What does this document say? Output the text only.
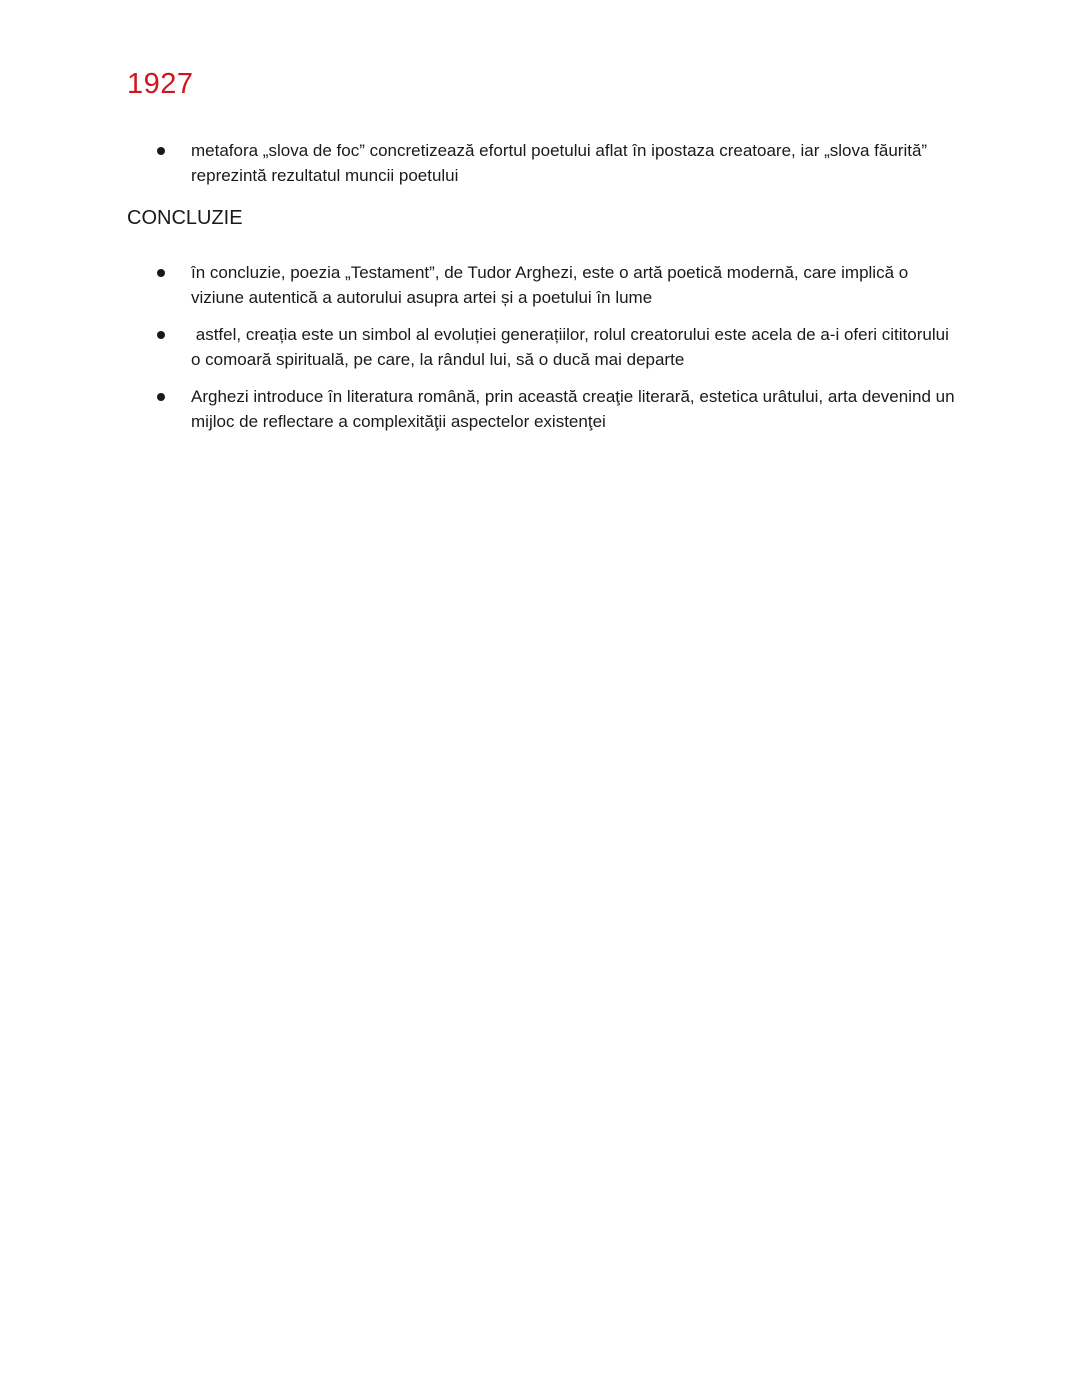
1927
metafora „slova de foc” concretizează efortul poetului aflat în ipostaza creatoare, iar „slova făurită” reprezintă rezultatul muncii poetului
CONCLUZIE
în concluzie, poezia „Testament”, de Tudor Arghezi, este o artă poetică modernă, care implică o viziune autentică a autorului asupra artei și a poetului în lume
astfel, creația este un simbol al evoluției generațiilor, rolul creatorului este acela de a-i oferi cititorului o comoară spirituală, pe care, la rândul lui, să o ducă mai departe
Arghezi introduce în literatura română, prin această creaţie literară, estetica urâtului, arta devenind un mijloc de reflectare a complexităţii aspectelor existenţei
